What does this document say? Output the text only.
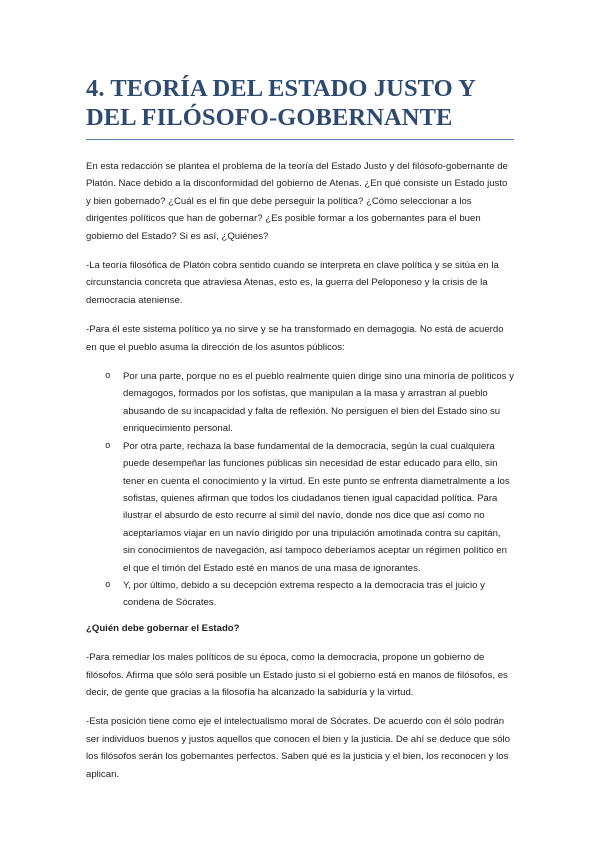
4. TEORÍA DEL ESTADO JUSTO Y DEL FILÓSOFO-GOBERNANTE

En esta redacción se plantea el problema de la teoría del Estado Justo y del filósofo-gobernante de Platón. Nace debido a la disconformidad del gobierno de Atenas. ¿En qué consiste un Estado justo y bien gobernado? ¿Cuál es el fin que debe perseguir la política? ¿Cómo seleccionar a los dirigentes políticos que han de gobernar? ¿Es posible formar a los gobernantes para el buen gobierno del Estado? Si es así, ¿Quiénes?

-La teoría filosófica de Platón cobra sentido cuando se interpreta en clave política y se sitúa en la circunstancia concreta que atraviesa Atenas, esto es, la guerra del Peloponeso y la crisis de la democracia ateniense.

-Para él este sistema político ya no sirve y se ha transformado en demagogia. No está de acuerdo en que el pueblo asuma la dirección de los asuntos públicos:

o Por una parte, porque no es el pueblo realmente quien dirige sino una minoría de políticos y demagogos, formados por los sofistas, que manipulan a la masa y arrastran al pueblo abusando de su incapacidad y falta de reflexión. No persiguen el bien del Estado sino su enriquecimiento personal.
o Por otra parte, rechaza la base fundamental de la democracia, según la cual cualquiera puede desempeñar las funciones públicas sin necesidad de estar educado para ello, sin tener en cuenta el conocimiento y la virtud. En este punto se enfrenta diametralmente a los sofistas, quienes afirman que todos los ciudadanos tienen igual capacidad política. Para ilustrar el absurdo de esto recurre al símil del navío, donde nos dice que así como no aceptaríamos viajar en un navío dirigido por una tripulación amotinada contra su capitán, sin conocimientos de navegación, así tampoco deberíamos aceptar un régimen político en el que el timón del Estado esté en manos de una masa de ignorantes.
o Y, por último, debido a su decepción extrema respecto a la democracia tras el juicio y condena de Sócrates.

¿Quién debe gobernar el Estado?

-Para remediar los males políticos de su época, como la democracia, propone un gobierno de filósofos. Afirma que sólo será posible un Estado justo si el gobierno está en manos de filósofos, es decir, de gente que gracias a la filosofía ha alcanzado la sabiduría y la virtud.

-Esta posición tiene como eje el intelectualismo moral de Sócrates. De acuerdo con él sólo podrán ser individuos buenos y justos aquellos que conocen el bien y la justicia. De ahí se deduce que sólo los filósofos serán los gobernantes perfectos. Saben qué es la justicia y el bien, los reconocen y los aplican.
